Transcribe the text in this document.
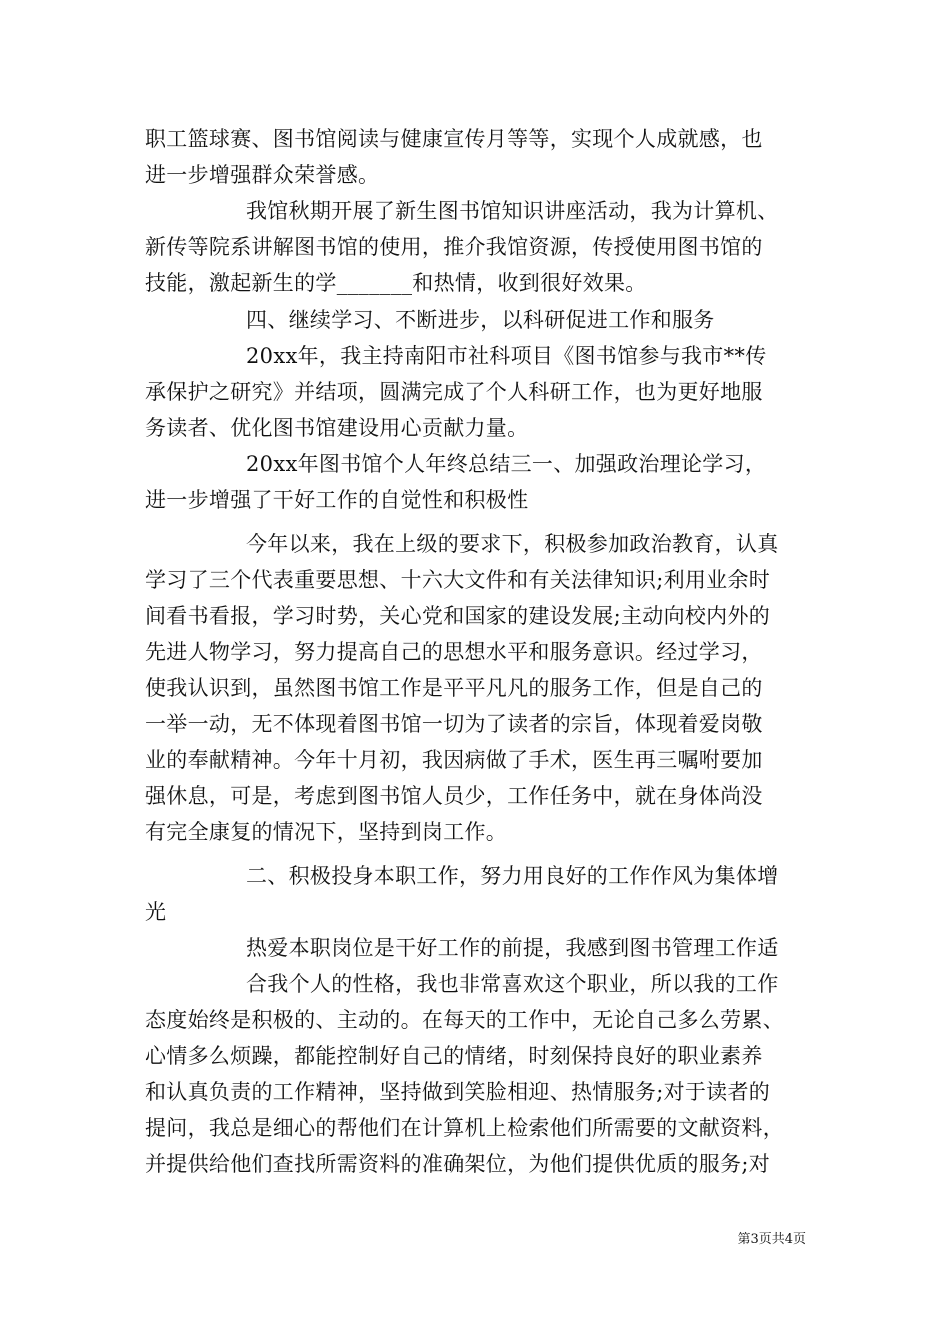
职工篮球赛、图书馆阅读与健康宣传月等等，实现个人成就感，也
进一步增强群众荣誉感。
我馆秋期开展了新生图书馆知识讲座活动，我为计算机、
新传等院系讲解图书馆的使用，推介我馆资源，传授使用图书馆的
技能，激起新生的学_______和热情，收到很好效果。
四、继续学习、不断进步，以科研促进工作和服务
20xx年，我主持南阳市社科项目《图书馆参与我市**传
承保护之研究》并结项，圆满完成了个人科研工作，也为更好地服
务读者、优化图书馆建设用心贡献力量。
20xx年图书馆个人年终总结三一、加强政治理论学习，
进一步增强了干好工作的自觉性和积极性
今年以来，我在上级的要求下，积极参加政治教育，认真
学习了三个代表重要思想、十六大文件和有关法律知识;利用业余时
间看书看报，学习时势，关心党和国家的建设发展;主动向校内外的
先进人物学习，努力提高自己的思想水平和服务意识。经过学习，
使我认识到，虽然图书馆工作是平平凡凡的服务工作，但是自己的
一举一动，无不体现着图书馆一切为了读者的宗旨，体现着爱岗敬
业的奉献精神。今年十月初，我因病做了手术，医生再三嘱咐要加
强休息，可是，考虑到图书馆人员少，工作任务中，就在身体尚没
有完全康复的情况下，坚持到岗工作。
二、积极投身本职工作，努力用良好的工作作风为集体增
光
热爱本职岗位是干好工作的前提，我感到图书管理工作适
合我个人的性格，我也非常喜欢这个职业，所以我的工作
态度始终是积极的、主动的。在每天的工作中，无论自己多么劳累、
心情多么烦躁，都能控制好自己的情绪，时刻保持良好的职业素养
和认真负责的工作精神，坚持做到笑脸相迎、热情服务;对于读者的
提问，我总是细心的帮他们在计算机上检索他们所需要的文献资料，
并提供给他们查找所需资料的准确架位，为他们提供优质的服务;对
第3页共4页
